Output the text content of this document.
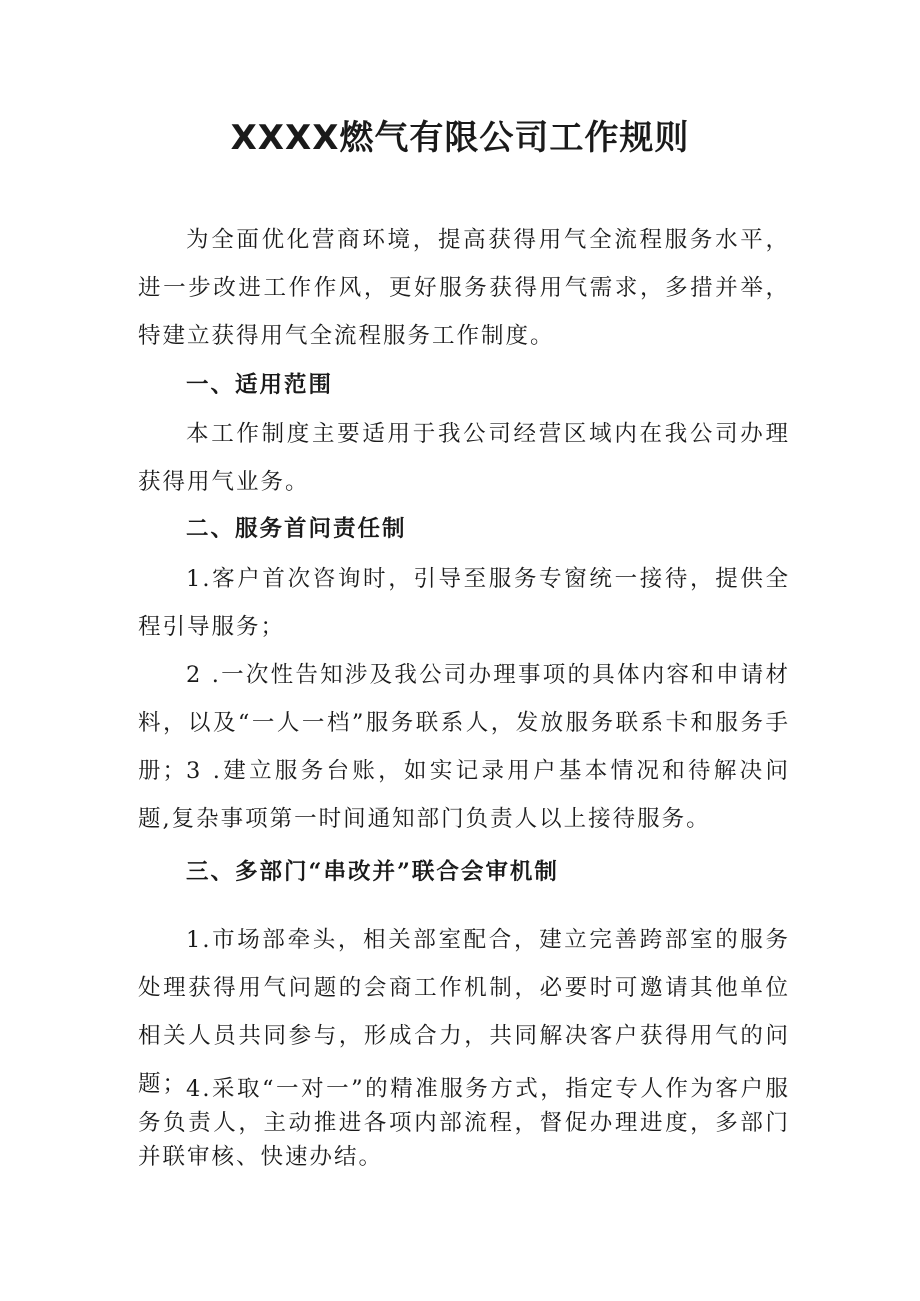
XXXX燃气有限公司工作规则

为全面优化营商环境，提高获得用气全流程服务水平，进一步改进工作作风，更好服务获得用气需求，多措并举，特建立获得用气全流程服务工作制度。

一、适用范围

本工作制度主要适用于我公司经营区域内在我公司办理获得用气业务。

二、服务首问责任制

1.客户首次咨询时，引导至服务专窗统一接待，提供全程引导服务；

2 .一次性告知涉及我公司办理事项的具体内容和申请材料，以及“一人一档”服务联系人，发放服务联系卡和服务手册；

3 .建立服务台账，如实记录用户基本情况和待解决问题,复杂事项第一时间通知部门负责人以上接待服务。

三、多部门“串改并”联合会审机制

1.市场部牵头，相关部室配合，建立完善跨部室的服务处理获得用气问题的会商工作机制，必要时可邀请其他单位相关人员共同参与，形成合力，共同解决客户获得用气的问题；

4.采取“一对一”的精准服务方式，指定专人作为客户服务负责人，主动推进各项内部流程，督促办理进度，多部门并联审核、快速办结。
